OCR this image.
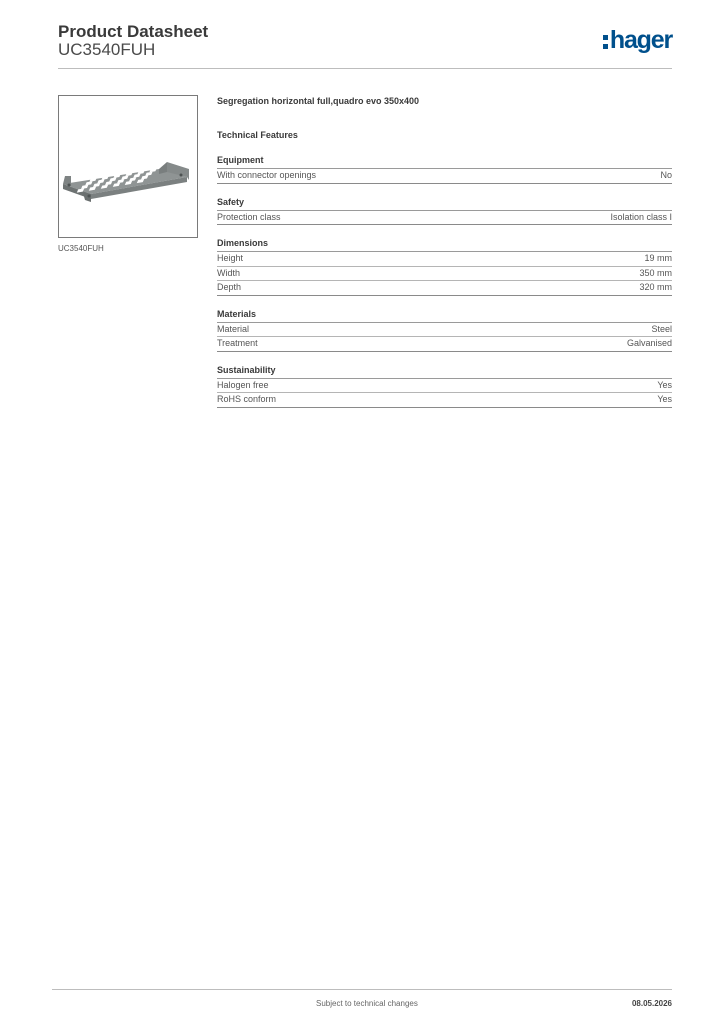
Product Datasheet
UC3540FUH	hager
UC3540FUH
Segregation horizontal full,quadro evo 350x400
Technical Features
Equipment
With connector openings	No
Safety
Protection class	Isolation class I
Dimensions
Height	19 mm
Width	350 mm
Depth	320 mm
Materials
Material	Steel
Treatment	Galvanised
Sustainability
Halogen free	Yes
RoHS conform	Yes
Subject to technical changes	08.05.2026
